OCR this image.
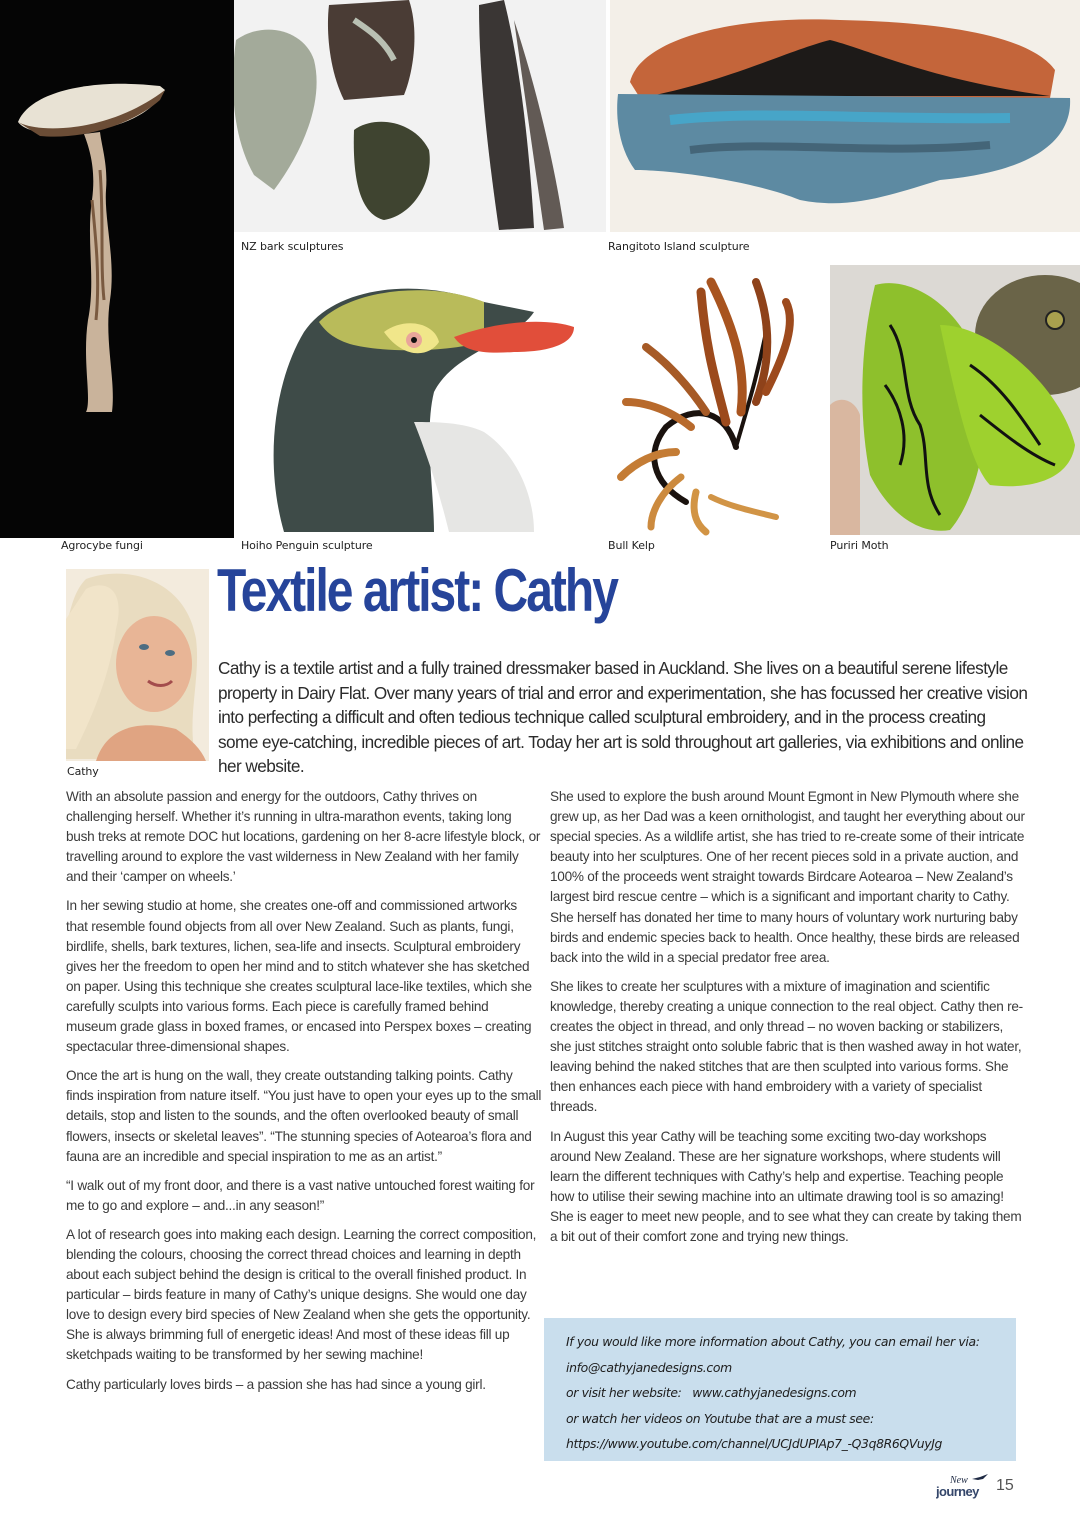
Agrocybe fungi
NZ bark sculptures	Rangitoto Island sculpture
Hoiho Penguin sculpture	Bull Kelp	Puriri Moth
Cathy
Textile artist: Cathy

Cathy is a textile artist and a fully trained dressmaker based in Auckland. She lives on a beautiful serene lifestyle property in Dairy Flat. Over many years of trial and error and experimentation, she has focussed her creative vision into perfecting a difficult and often tedious technique called sculptural embroidery, and in the process creating some eye-catching, incredible pieces of art. Today her art is sold throughout art galleries, via exhibitions and online her website.

With an absolute passion and energy for the outdoors, Cathy thrives on challenging herself. Whether it’s running in ultra-marathon events, taking long bush treks at remote DOC hut locations, gardening on her 8-acre lifestyle block, or travelling around to explore the vast wilderness in New Zealand with her family and their ‘camper on wheels.’

In her sewing studio at home, she creates one-off and commissioned artworks that resemble found objects from all over New Zealand. Such as plants, fungi, birdlife, shells, bark textures, lichen, sea-life and insects. Sculptural embroidery gives her the freedom to open her mind and to stitch whatever she has sketched on paper. Using this technique she creates sculptural lace-like textiles, which she carefully sculpts into various forms. Each piece is carefully framed behind museum grade glass in boxed frames, or encased into Perspex boxes – creating spectacular three-dimensional shapes.

Once the art is hung on the wall, they create outstanding talking points. Cathy finds inspiration from nature itself. “You just have to open your eyes up to the small details, stop and listen to the sounds, and the often overlooked beauty of small flowers, insects or skeletal leaves”. “The stunning species of Aotearoa’s flora and fauna are an incredible and special inspiration to me as an artist.”

“I walk out of my front door, and there is a vast native untouched forest waiting for me to go and explore – and...in any season!”

A lot of research goes into making each design. Learning the correct composition, blending the colours, choosing the correct thread choices and learning in depth about each subject behind the design is critical to the overall finished product. In particular – birds feature in many of Cathy’s unique designs. She would one day love to design every bird species of New Zealand when she gets the opportunity. She is always brimming full of energetic ideas! And most of these ideas fill up sketchpads waiting to be transformed by her sewing machine!

Cathy particularly loves birds – a passion she has had since a young girl.

She used to explore the bush around Mount Egmont in New Plymouth where she grew up, as her Dad was a keen ornithologist, and taught her everything about our special species. As a wildlife artist, she has tried to re-create some of their intricate beauty into her sculptures. One of her recent pieces sold in a private auction, and 100% of the proceeds went straight towards Birdcare Aotearoa – New Zealand’s largest bird rescue centre – which is a significant and important charity to Cathy. She herself has donated her time to many hours of voluntary work nurturing baby birds and endemic species back to health. Once healthy, these birds are released back into the wild in a special predator free area.

She likes to create her sculptures with a mixture of imagination and scientific knowledge, thereby creating a unique connection to the real object. Cathy then re-creates the object in thread, and only thread – no woven backing or stabilizers, she just stitches straight onto soluble fabric that is then washed away in hot water, leaving behind the naked stitches that are then sculpted into various forms. She then enhances each piece with hand embroidery with a variety of specialist threads.

In August this year Cathy will be teaching some exciting two-day workshops around New Zealand. These are her signature workshops, where students will learn the different techniques with Cathy’s help and expertise. Teaching people how to utilise their sewing machine into an ultimate drawing tool is so amazing! She is eager to meet new people, and to see what they can create by taking them a bit out of their comfort zone and trying new things.

If you would like more information about Cathy, you can email her via:
info@cathyjanedesigns.com
or visit her website: www.cathyjanedesigns.com
or watch her videos on Youtube that are a must see:
https://www.youtube.com/channel/UCJdUPIAp7_-Q3q8R6QVuyJg
New
journey 15
